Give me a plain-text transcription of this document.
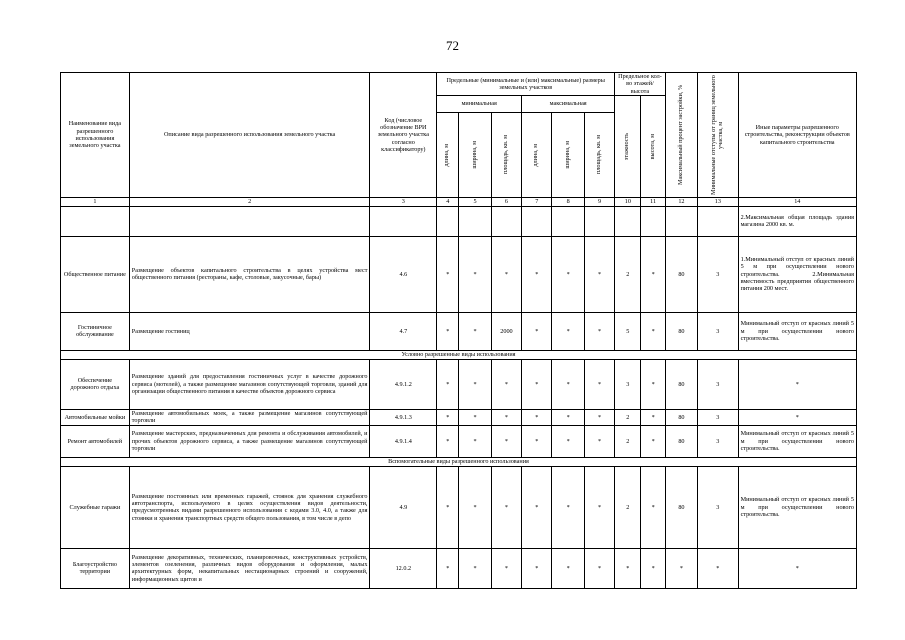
72
Наименование вида разрешенного использования земельного участка	Описание вида разрешенного использования земельного участка	Код (числовое обозначение ВРИ земельного участка согласно классификатору)	Предельные (минимальные и (или) максимальные) размеры земельных участков						Предельное кол-во этажей/ высота		Максимальный процент застройки, %	Минимальные отступы от границ земельного участка, м	Иные параметры разрешенного строительства, реконструкции объектов капитального строительства
			минимальная			максимальная			этажность	высота, м			

			длина, м	ширина, м	площадь, кв. м	длина, м	ширина, м	площадь, кв. м					

1	2	3	4	5	6	7	8	9	10	11	12	13	14
													2.Максимальная общая площадь здания магазина 2000 кв. м.
Общественное питание	Размещение объектов капитального строительства в целях устройства мест общественного питания (рестораны, кафе, столовые, закусочные, бары)	4.6	*	*	*	*	*	*	2	*	80	3	1.Минимальный отступ от красных линий 5 м при осуществлении нового строительства. 2.Минимальная вместимость предприятия общественного питания 200 мест.
Гостиничное обслуживание	Размещение гостиниц	4.7	*	*	2000	*	*	*	5	*	80	3	Минимальный отступ от красных линий 5 м при осуществлении нового строительства.
Условно разрешенные виды использования													
Обеспечение дорожного отдыха	Размещение зданий для предоставления гостиничных услуг в качестве дорожного сервиса (мотелей), а также размещение магазинов сопутствующей торговли, зданий для организации общественного питания в качестве объектов дорожного сервиса	4.9.1.2	*	*	*	*	*	*	3	*	80	3	*
Автомобильные мойки	Размещение автомобильных моек, а также размещение магазинов сопутствующей торговли	4.9.1.3	*	*	*	*	*	*	2	*	80	3	*
Ремонт автомобилей	Размещение мастерских, предназначенных для ремонта и обслуживания автомобилей, и прочих объектов дорожного сервиса, а также размещение магазинов сопутствующей торговли	4.9.1.4	*	*	*	*	*	*	2	*	80	3	Минимальный отступ от красных линий 5 м при осуществлении нового строительства.
Вспомогательные виды разрешенного использования													
Служебные гаражи	Размещение постоянных или временных гаражей, стоянок для хранения служебного автотранспорта, используемого в целях осуществления видов деятельности, предусмотренных видами разрешенного использования с кодами 3.0, 4.0, а также для стоянки и хранения транспортных средств общего пользования, в том числе в депо	4.9	*	*	*	*	*	*	2	*	80	3	Минимальный отступ от красных линий 5 м при осуществлении нового строительства.
Благоустройство территории	Размещение декоративных, технических, планировочных, конструктивных устройств, элементов озеленения, различных видов оборудования и оформления, малых архитектурных форм, некапитальных нестационарных строений и сооружений, информационных щитов и	12.0.2	*	*	*	*	*	*	*	*	*	*	*
